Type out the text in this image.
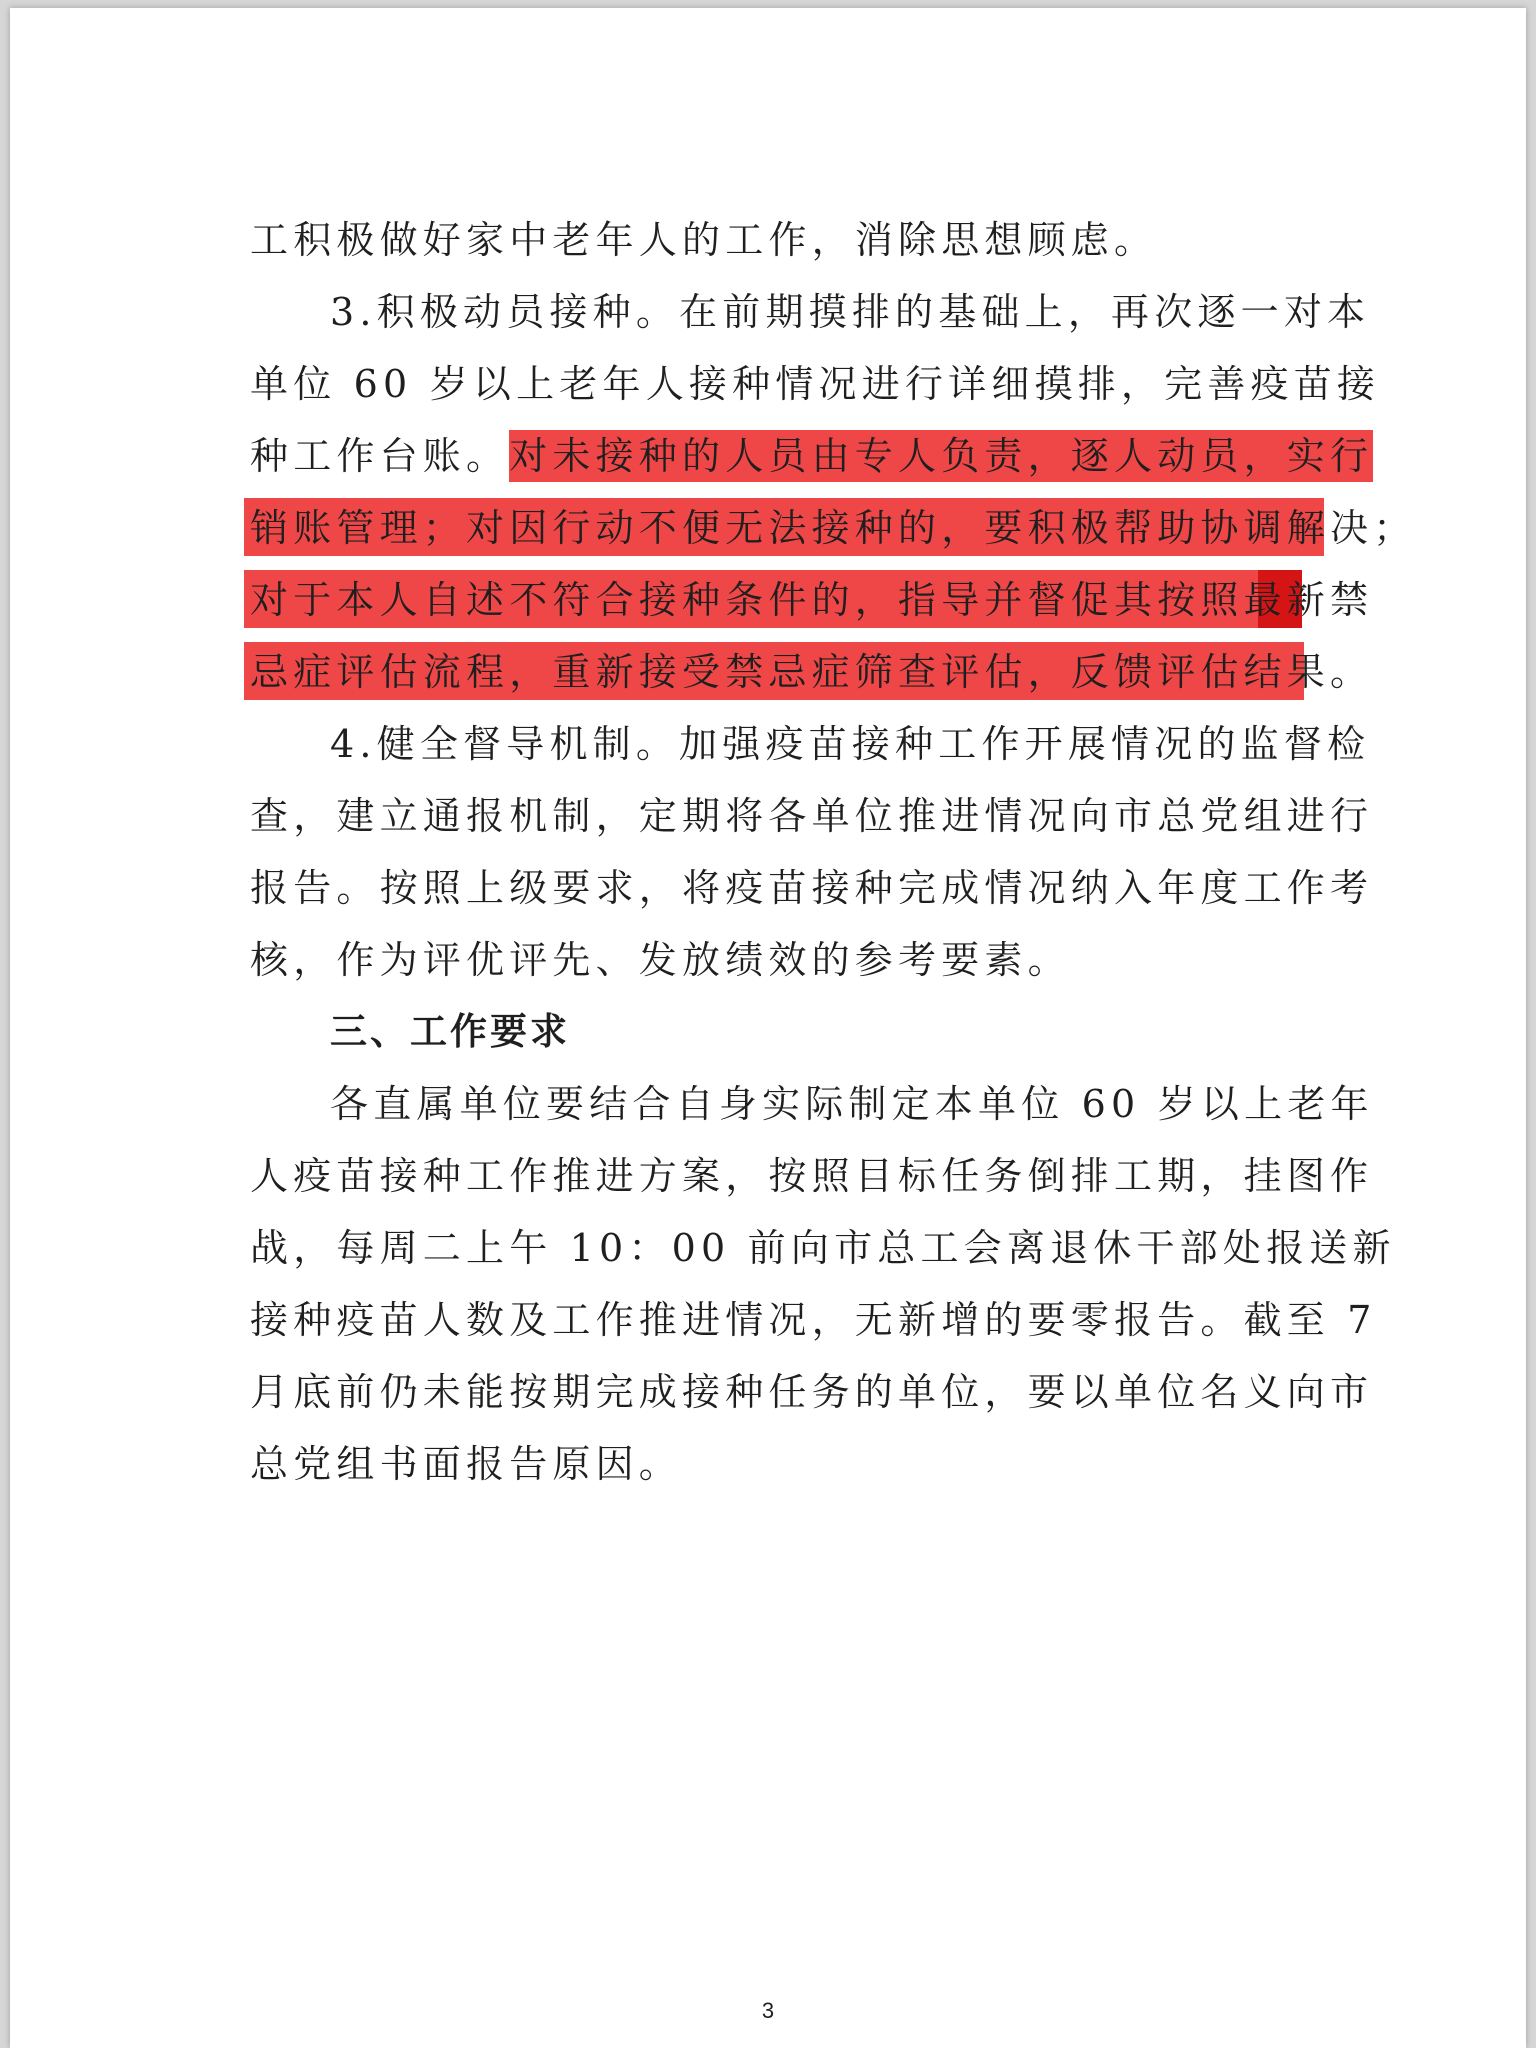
工积极做好家中老年人的工作，消除思想顾虑。
3.积极动员接种。在前期摸排的基础上，再次逐一对本
单位 60 岁以上老年人接种情况进行详细摸排，完善疫苗接
种工作台账。对未接种的人员由专人负责，逐人动员，实行
销账管理；对因行动不便无法接种的，要积极帮助协调解决；
对于本人自述不符合接种条件的，指导并督促其按照最新禁
忌症评估流程，重新接受禁忌症筛查评估，反馈评估结果。
4.健全督导机制。加强疫苗接种工作开展情况的监督检
查，建立通报机制，定期将各单位推进情况向市总党组进行
报告。按照上级要求，将疫苗接种完成情况纳入年度工作考
核，作为评优评先、发放绩效的参考要素。
三、工作要求
各直属单位要结合自身实际制定本单位 60 岁以上老年
人疫苗接种工作推进方案，按照目标任务倒排工期，挂图作
战，每周二上午 10：00 前向市总工会离退休干部处报送新
接种疫苗人数及工作推进情况，无新增的要零报告。截至 7
月底前仍未能按期完成接种任务的单位，要以单位名义向市
总党组书面报告原因。
3
